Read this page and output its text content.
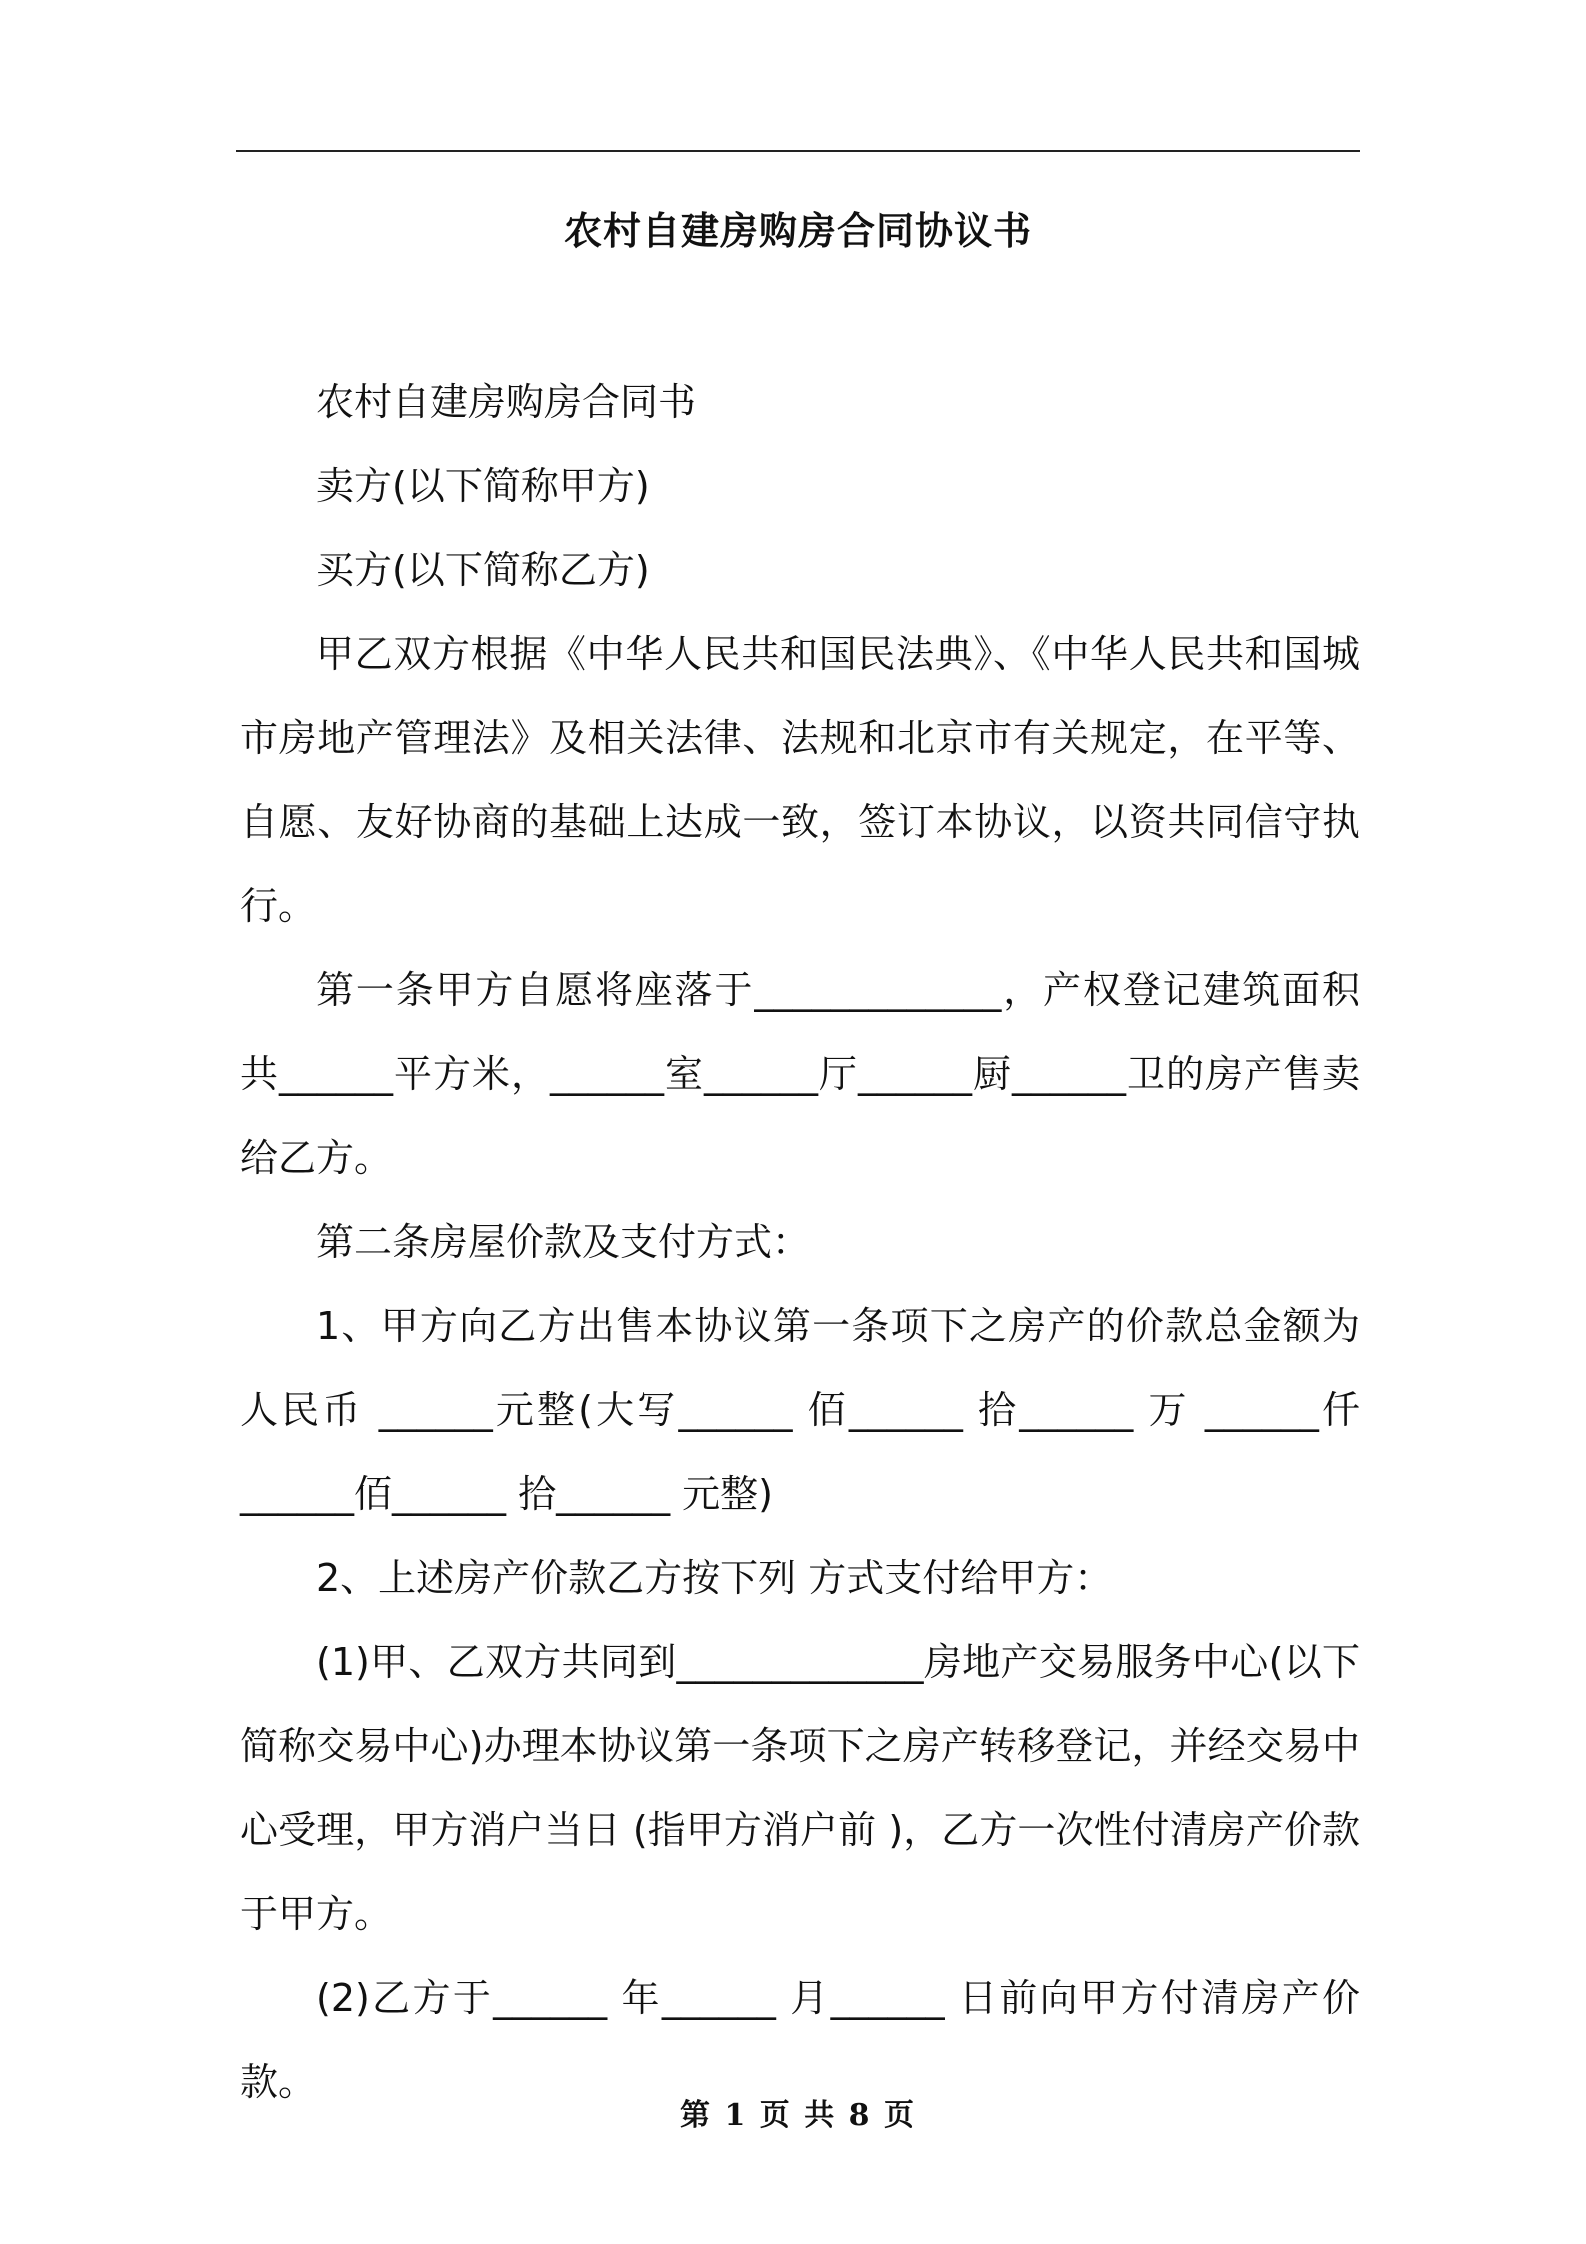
农村自建房购房合同协议书

农村自建房购房合同书

卖方(以下简称甲方)

买方(以下简称乙方)

甲乙双方根据《中华人民共和国民法典》、《中华人民共和国城市房地产管理法》及相关法律、法规和北京市有关规定，在平等、自愿、友好协商的基础上达成一致，签订本协议，以资共同信守执行。

第一条甲方自愿将座落于_____________，产权登记建筑面积共______平方米，______室______厅______厨______卫的房产售卖给乙方。

第二条房屋价款及支付方式：

1、甲方向乙方出售本协议第一条项下之房产的价款总金额为人民币 ______元整(大写______ 佰______ 拾______ 万 ______仟 ______佰______ 拾______ 元整)

2、上述房产价款乙方按下列 方式支付给甲方：

(1)甲、乙双方共同到_____________房地产交易服务中心(以下简称交易中心)办理本协议第一条项下之房产转移登记，并经交易中心受理，甲方消户当日 (指甲方消户前 )，乙方一次性付清房产价款于甲方。

(2)乙方于______ 年______ 月______ 日前向甲方付清房产价款。

第 1 页 共 8 页
